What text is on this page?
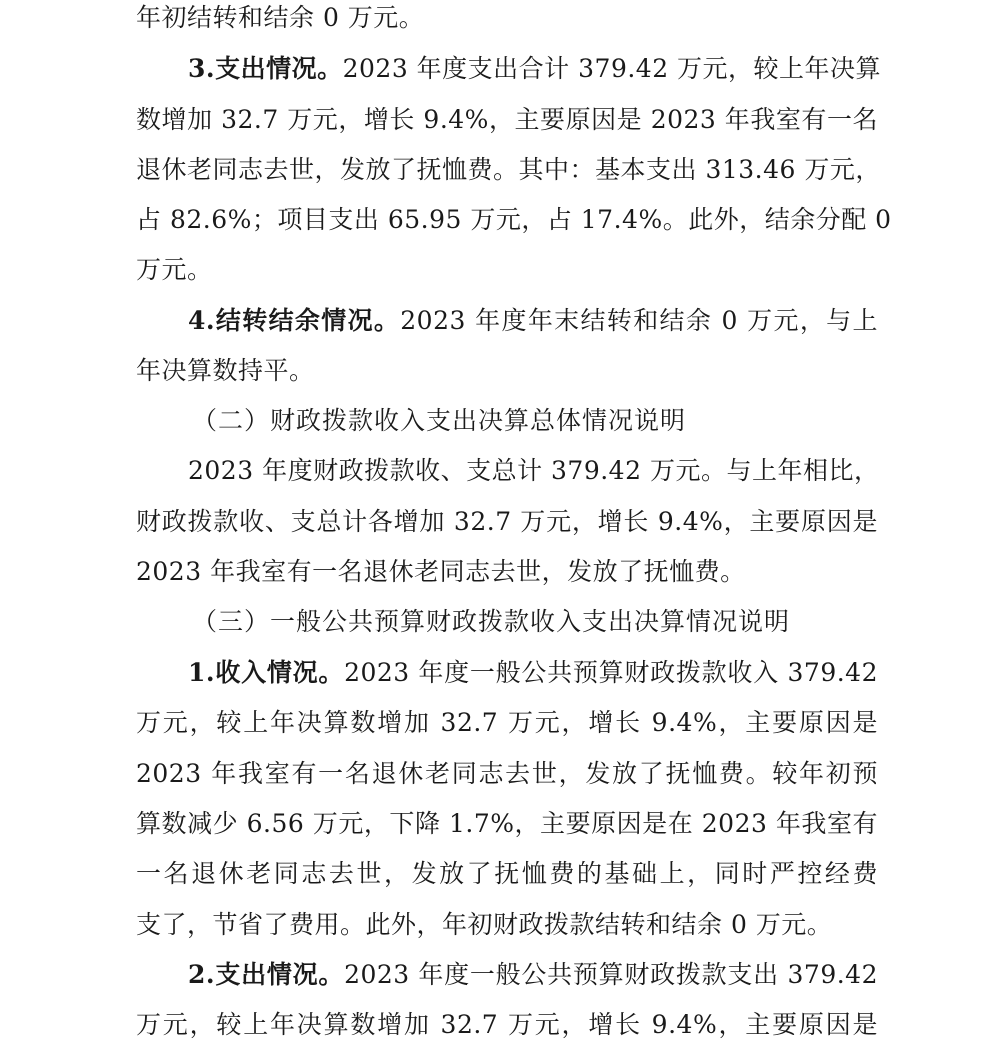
年初结转和结余 0 万元。
3.支出情况。2023 年度支出合计 379.42 万元，较上年决算
数增加 32.7 万元，增长 9.4%，主要原因是 2023 年我室有一名
退休老同志去世，发放了抚恤费。其中：基本支出 313.46 万元，
占 82.6%；项目支出 65.95 万元，占 17.4%。此外，结余分配 0
万元。
4.结转结余情况。2023 年度年末结转和结余 0 万元，与上
年决算数持平。
（二）财政拨款收入支出决算总体情况说明
2023 年度财政拨款收、支总计 379.42 万元。与上年相比，
财政拨款收、支总计各增加 32.7 万元，增长 9.4%，主要原因是
2023 年我室有一名退休老同志去世，发放了抚恤费。
（三）一般公共预算财政拨款收入支出决算情况说明
1.收入情况。2023 年度一般公共预算财政拨款收入 379.42
万元，较上年决算数增加 32.7 万元，增长 9.4%，主要原因是
2023 年我室有一名退休老同志去世，发放了抚恤费。较年初预
算数减少 6.56 万元，下降 1.7%，主要原因是在 2023 年我室有
一名退休老同志去世，发放了抚恤费的基础上，同时严控经费
支了，节省了费用。此外，年初财政拨款结转和结余 0 万元。
2.支出情况。2023 年度一般公共预算财政拨款支出 379.42
万元，较上年决算数增加 32.7 万元，增长 9.4%，主要原因是
